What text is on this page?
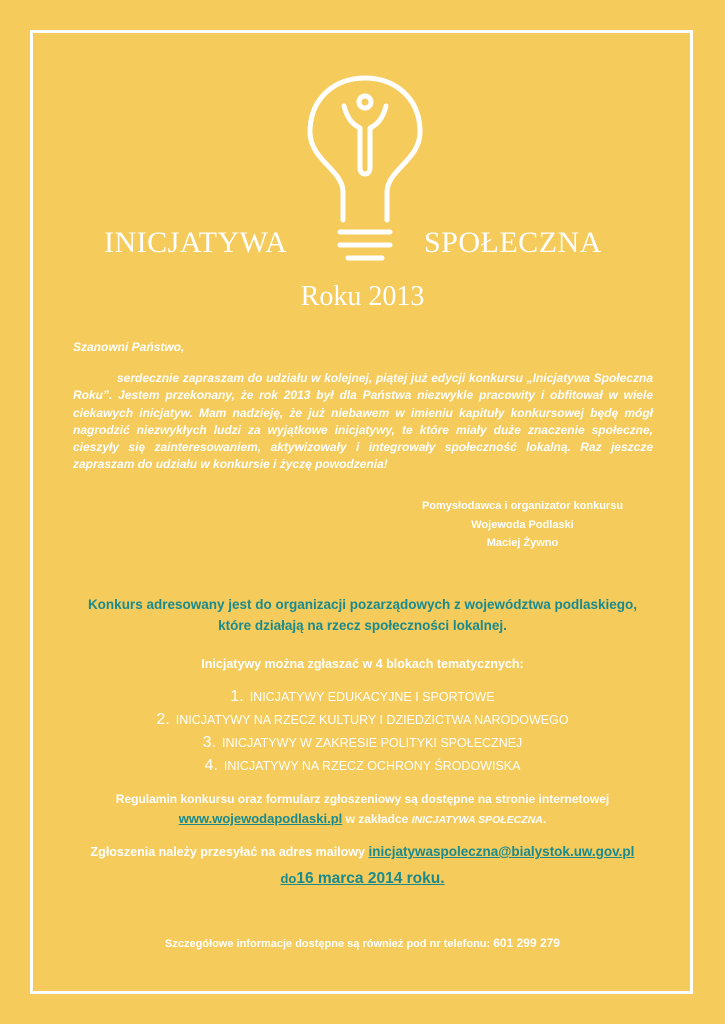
INICJATYWA	SPOŁECZNA
Roku 2013
Szanowni Państwo,

serdecznie zapraszam do udziału w kolejnej, piątej już edycji konkursu „Inicjatywa Społeczna Roku”. Jestem przekonany, że rok 2013 był dla Państwa niezwykle pracowity i obfitował w wiele ciekawych inicjatyw. Mam nadzieję, że już niebawem w imieniu kapituły konkursowej będę mógł nagrodzić niezwykłych ludzi za wyjątkowe inicjatywy, te które miały duże znaczenie społeczne, cieszyły się zainteresowaniem, aktywizowały i integrowały społeczność lokalną. Raz jeszcze zapraszam do udziału w konkursie i życzę powodzenia!

Pomysłodawca i organizator konkursu
Wojewoda Podlaski
Maciej Żywno
Konkurs adresowany jest do organizacji pozarządowych z województwa podlaskiego,
które działają na rzecz społeczności lokalnej.
Inicjatywy można zgłaszać w 4 blokach tematycznych:
1. INICJATYWY EDUKACYJNE I SPORTOWE
2. INICJATYWY NA RZECZ KULTURY I DZIEDZICTWA NARODOWEGO
3. INICJATYWY W ZAKRESIE POLITYKI SPOŁECZNEJ
4. INICJATYWY NA RZECZ OCHRONY ŚRODOWISKA
Regulamin konkursu oraz formularz zgłoszeniowy są dostępne na stronie internetowej
www.wojewodapodlaski.pl w zakładce INICJATYWA SPOŁECZNA.
Zgłoszenia należy przesyłać na adres mailowy inicjatywaspoleczna@bialystok.uw.gov.pl
do16 marca 2014 roku.
Szczegółowe informacje dostępne są również pod nr telefonu: 601 299 279
